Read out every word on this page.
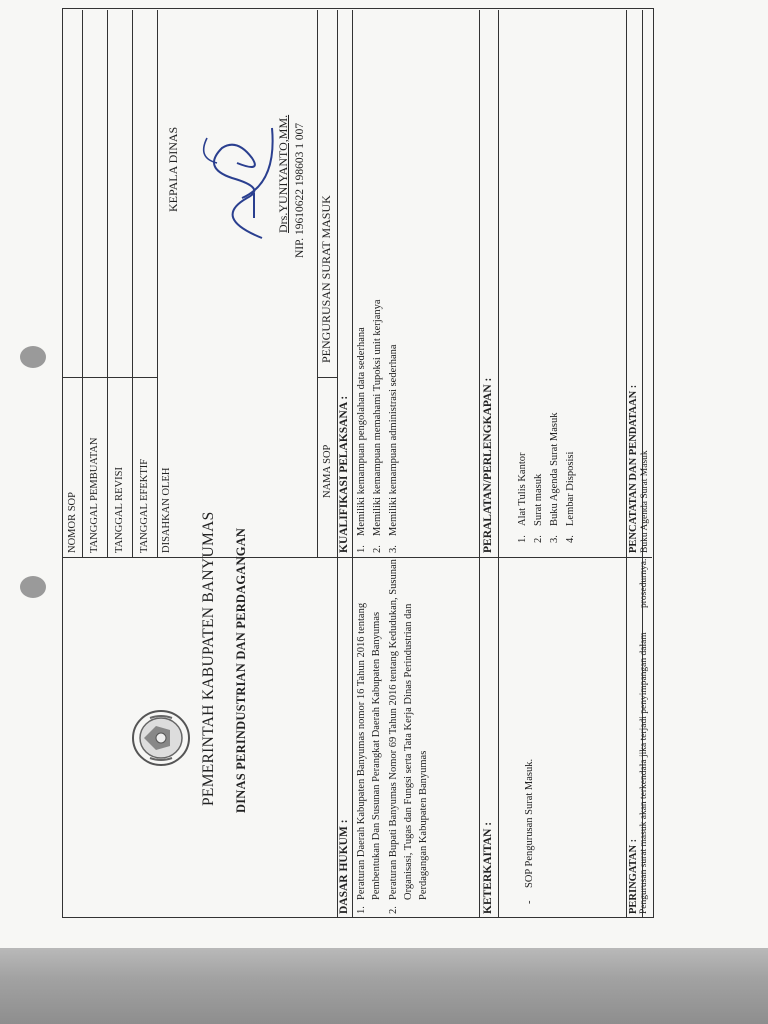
PEMERINTAH KABUPATEN BANYUMAS DINAS PERINDUSTRIAN DAN PERDAGANGAN
NOMOR SOP TANGGAL PEMBUATAN TANGGAL REVISI TANGGAL EFEKTIF DISAHKAN OLEH
KEPALA DINAS	Drs.YUNIYANTO,MM. NIP. 19610622 198603 1 007
NAMA SOP
PENGURUSAN SURAT MASUK
DASAR HUKUM : 1.
Peraturan Daerah Kabupaten Banyumas nomor 16 Tahun 2016 tentang Pembentukan Dan Susunan Perangkat Daerah Kabupaten Banyumas
2.
Peraturan Bupati Banyumas Nomor 69 Tahun 2016 tentang Kedudukan, Susunan Organisasi, Tugas dan Fungsi serta Tata Kerja Dinas Perindustrian dan Perdagangan Kabupaten Banyumas
KUALIFIKASI PELAKSANA : 1.
Memiliki kemampuan pengolahan data sederhana
2.
Memiliki kemampuan memahami Tupoksi unit kerjanya
3.
Memiliki kemampuan administrasi sederhana
KETERKAITAN :	-
SOP Pengurusan Surat Masuk.
PERALATAN/PERLENGKAPAN : 1.
Alat Tulis Kantor
2.
Surat masuk
3.
Buku Agenda Surat Masuk
4.
Lembar Disposisi
PERINGATAN : Pengurusan surat masuk akan terkendala jika terjadi penyimpangan dalam
PENCATATAN DAN PENDATAAN : Buku Agenda Surat Masuk
prosedurnya.
